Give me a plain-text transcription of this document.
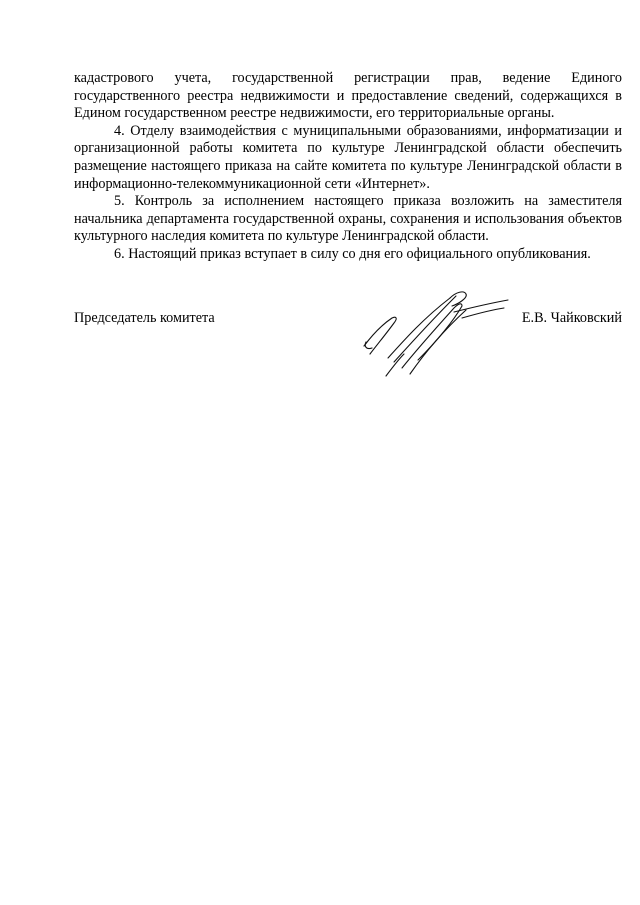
кадастрового учета, государственной регистрации прав, ведение Единого государственного реестра недвижимости и предоставление сведений, содержащихся в Едином государственном реестре недвижимости, его территориальные органы.

4. Отделу взаимодействия с муниципальными образованиями, информатизации и организационной работы комитета по культуре Ленинградской области обеспечить размещение настоящего приказа на сайте комитета по культуре Ленинградской области в информационно-телекоммуникационной сети «Интернет».

5. Контроль за исполнением настоящего приказа возложить на заместителя начальника департамента государственной охраны, сохранения и использования объектов культурного наследия комитета по культуре Ленинградской области.

6. Настоящий приказ вступает в силу со дня его официального опубликования.

Председатель комитета	Е.В. Чайковский
